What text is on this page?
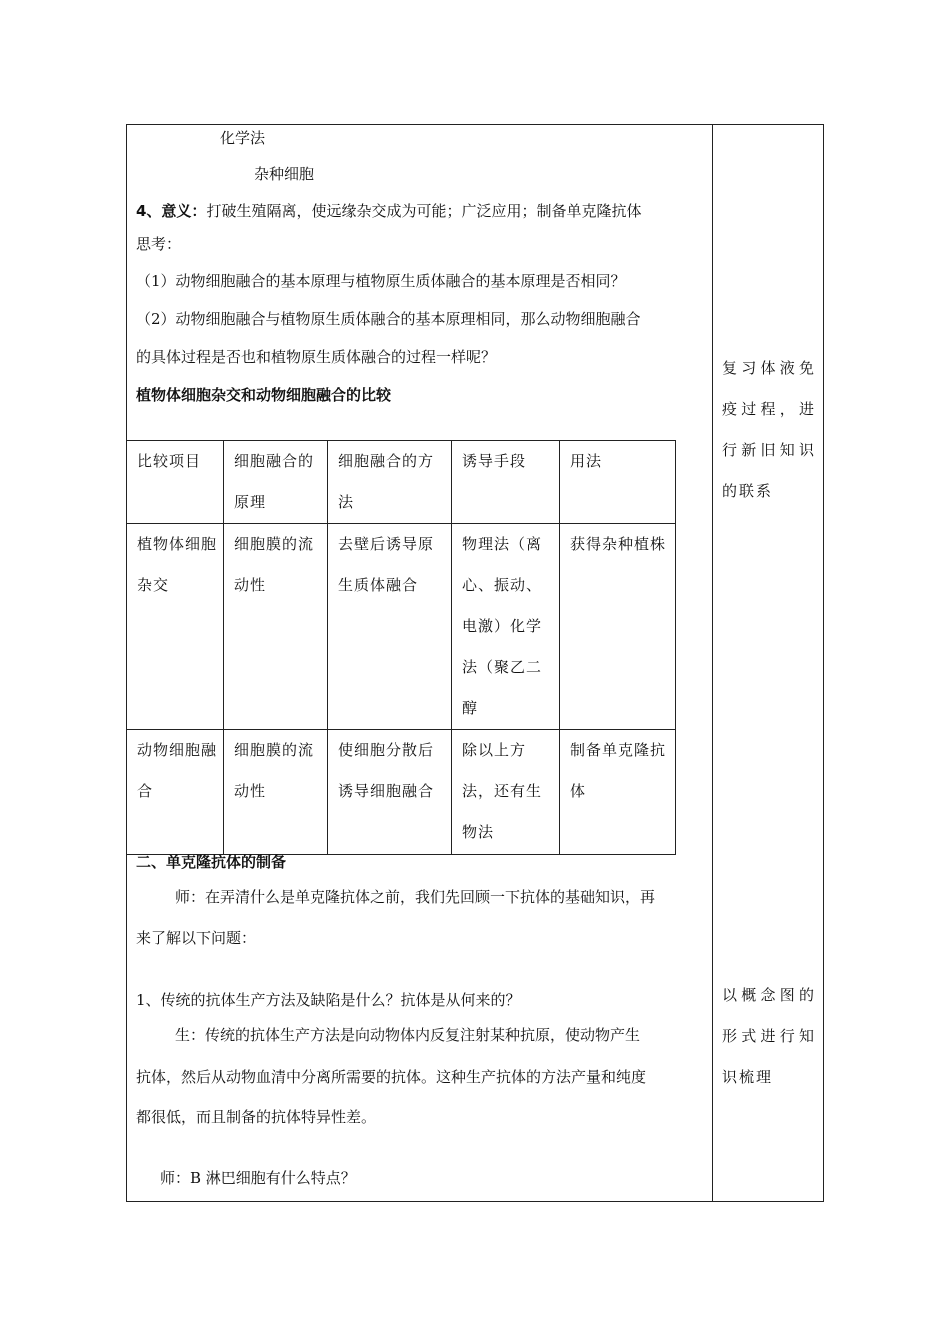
化学法
杂种细胞
4、意义：打破生殖隔离，使远缘杂交成为可能；广泛应用；制备单克隆抗体
思考：
（1）动物细胞融合的基本原理与植物原生质体融合的基本原理是否相同？
（2）动物细胞融合与植物原生质体融合的基本原理相同，那么动物细胞融合
的具体过程是否也和植物原生质体融合的过程一样呢？
植物体细胞杂交和动物细胞融合的比较
比较项目	细胞融合的原理	细胞融合的方法	诱导手段	用法

植物体细胞杂交	细胞膜的流动性	去壁后诱导原生质体融合	物理法（离心、振动、电激）化学法（聚乙二醇	获得杂种植株

动物细胞融合	细胞膜的流动性	使细胞分散后诱导细胞融合	除以上方法，还有生物法	制备单克隆抗体
二、单克隆抗体的制备
师：在弄清什么是单克隆抗体之前，我们先回顾一下抗体的基础知识，再
来了解以下问题：
1、传统的抗体生产方法及缺陷是什么？抗体是从何来的？
生：传统的抗体生产方法是向动物体内反复注射某种抗原，使动物产生
抗体，然后从动物血清中分离所需要的抗体。这种生产抗体的方法产量和纯度
都很低，而且制备的抗体特异性差。
师：B 淋巴细胞有什么特点？
复习体液免疫过程，进行新旧知识的联系
以概念图的形式进行知识梳理
